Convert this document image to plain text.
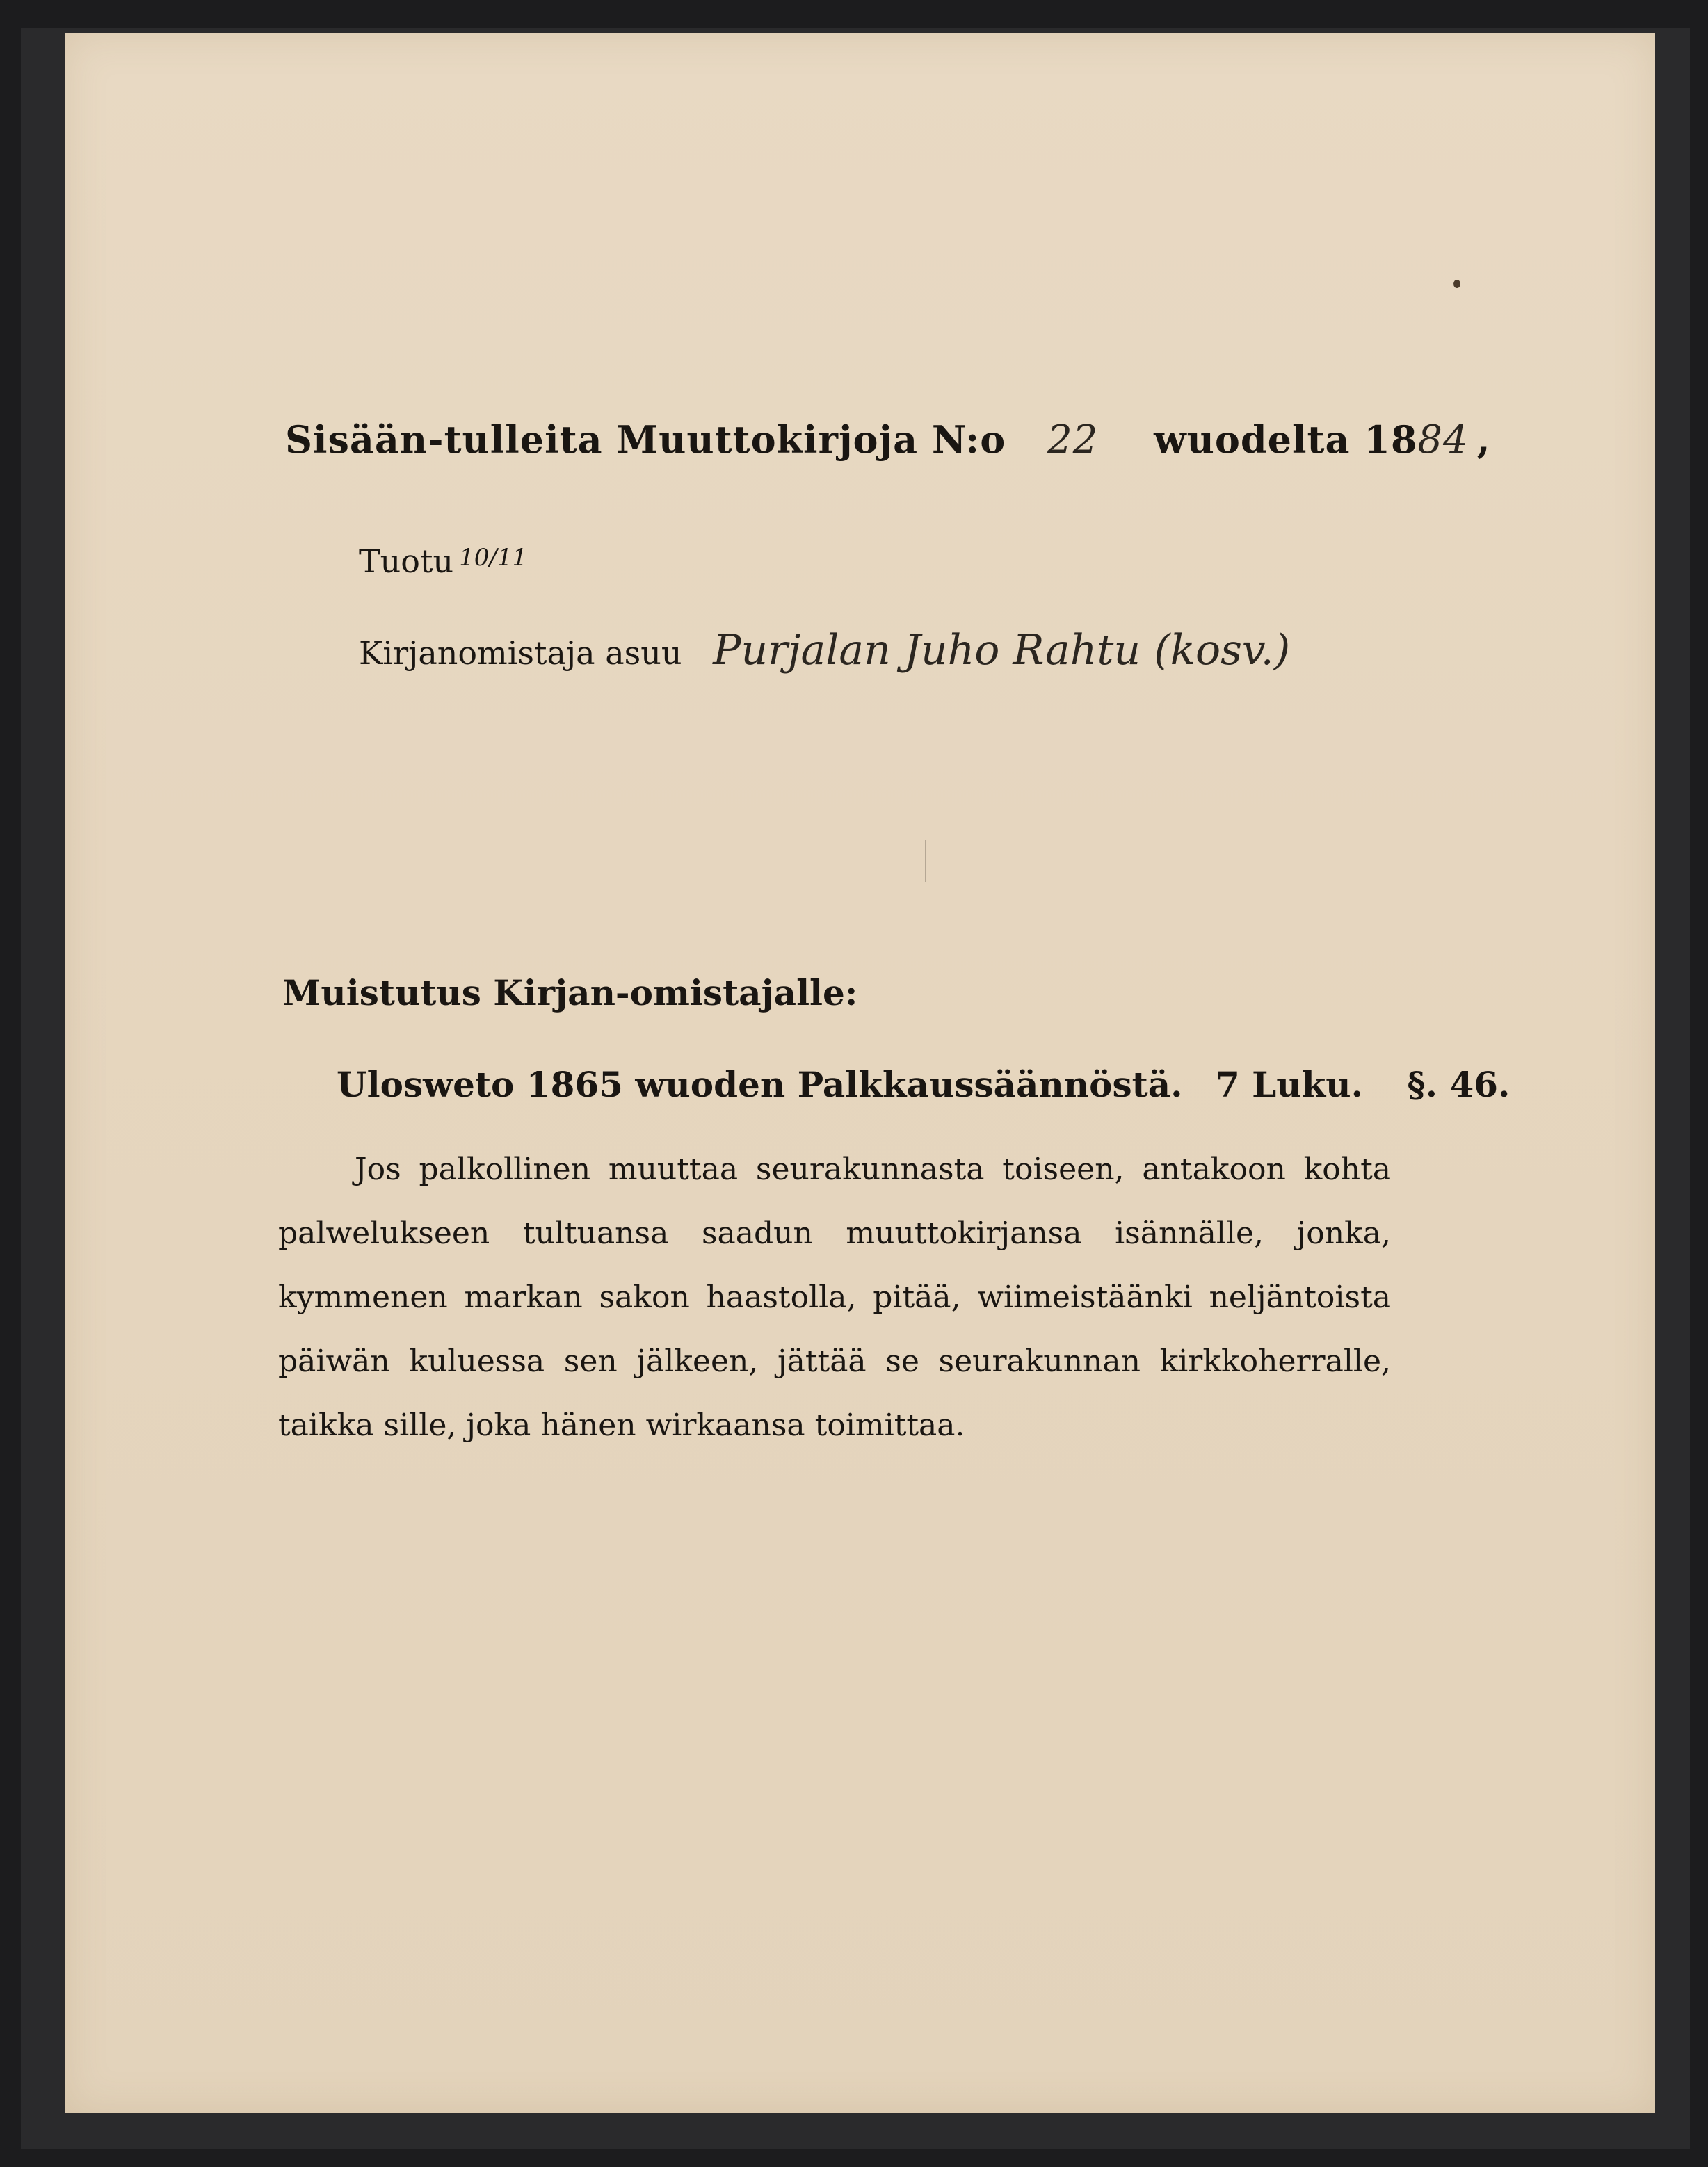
Sisään-tulleita Muuttokirjoja N:o 22 wuodelta 1884 ,
Tuotu 10/11
Kirjanomistaja asuu Purjalan Juho Rahtu (kosv.)
Muistutus Kirjan-omistajalle:
Ulosweto 1865 wuoden Palkkaussäännöstä. 7 Luku. §. 46.
Jos palkollinen muuttaa seurakunnasta toiseen, antakoon kohta palwelukseen tultuansa saadun muuttokirjansa isännälle, jonka, kymmenen markan sakon haastolla, pitää, wiimeistäänki neljäntoista päiwän kuluessa sen jälkeen, jättää se seurakunnan kirkkoherralle, taikka sille, joka hänen wirkaansa toimittaa.
